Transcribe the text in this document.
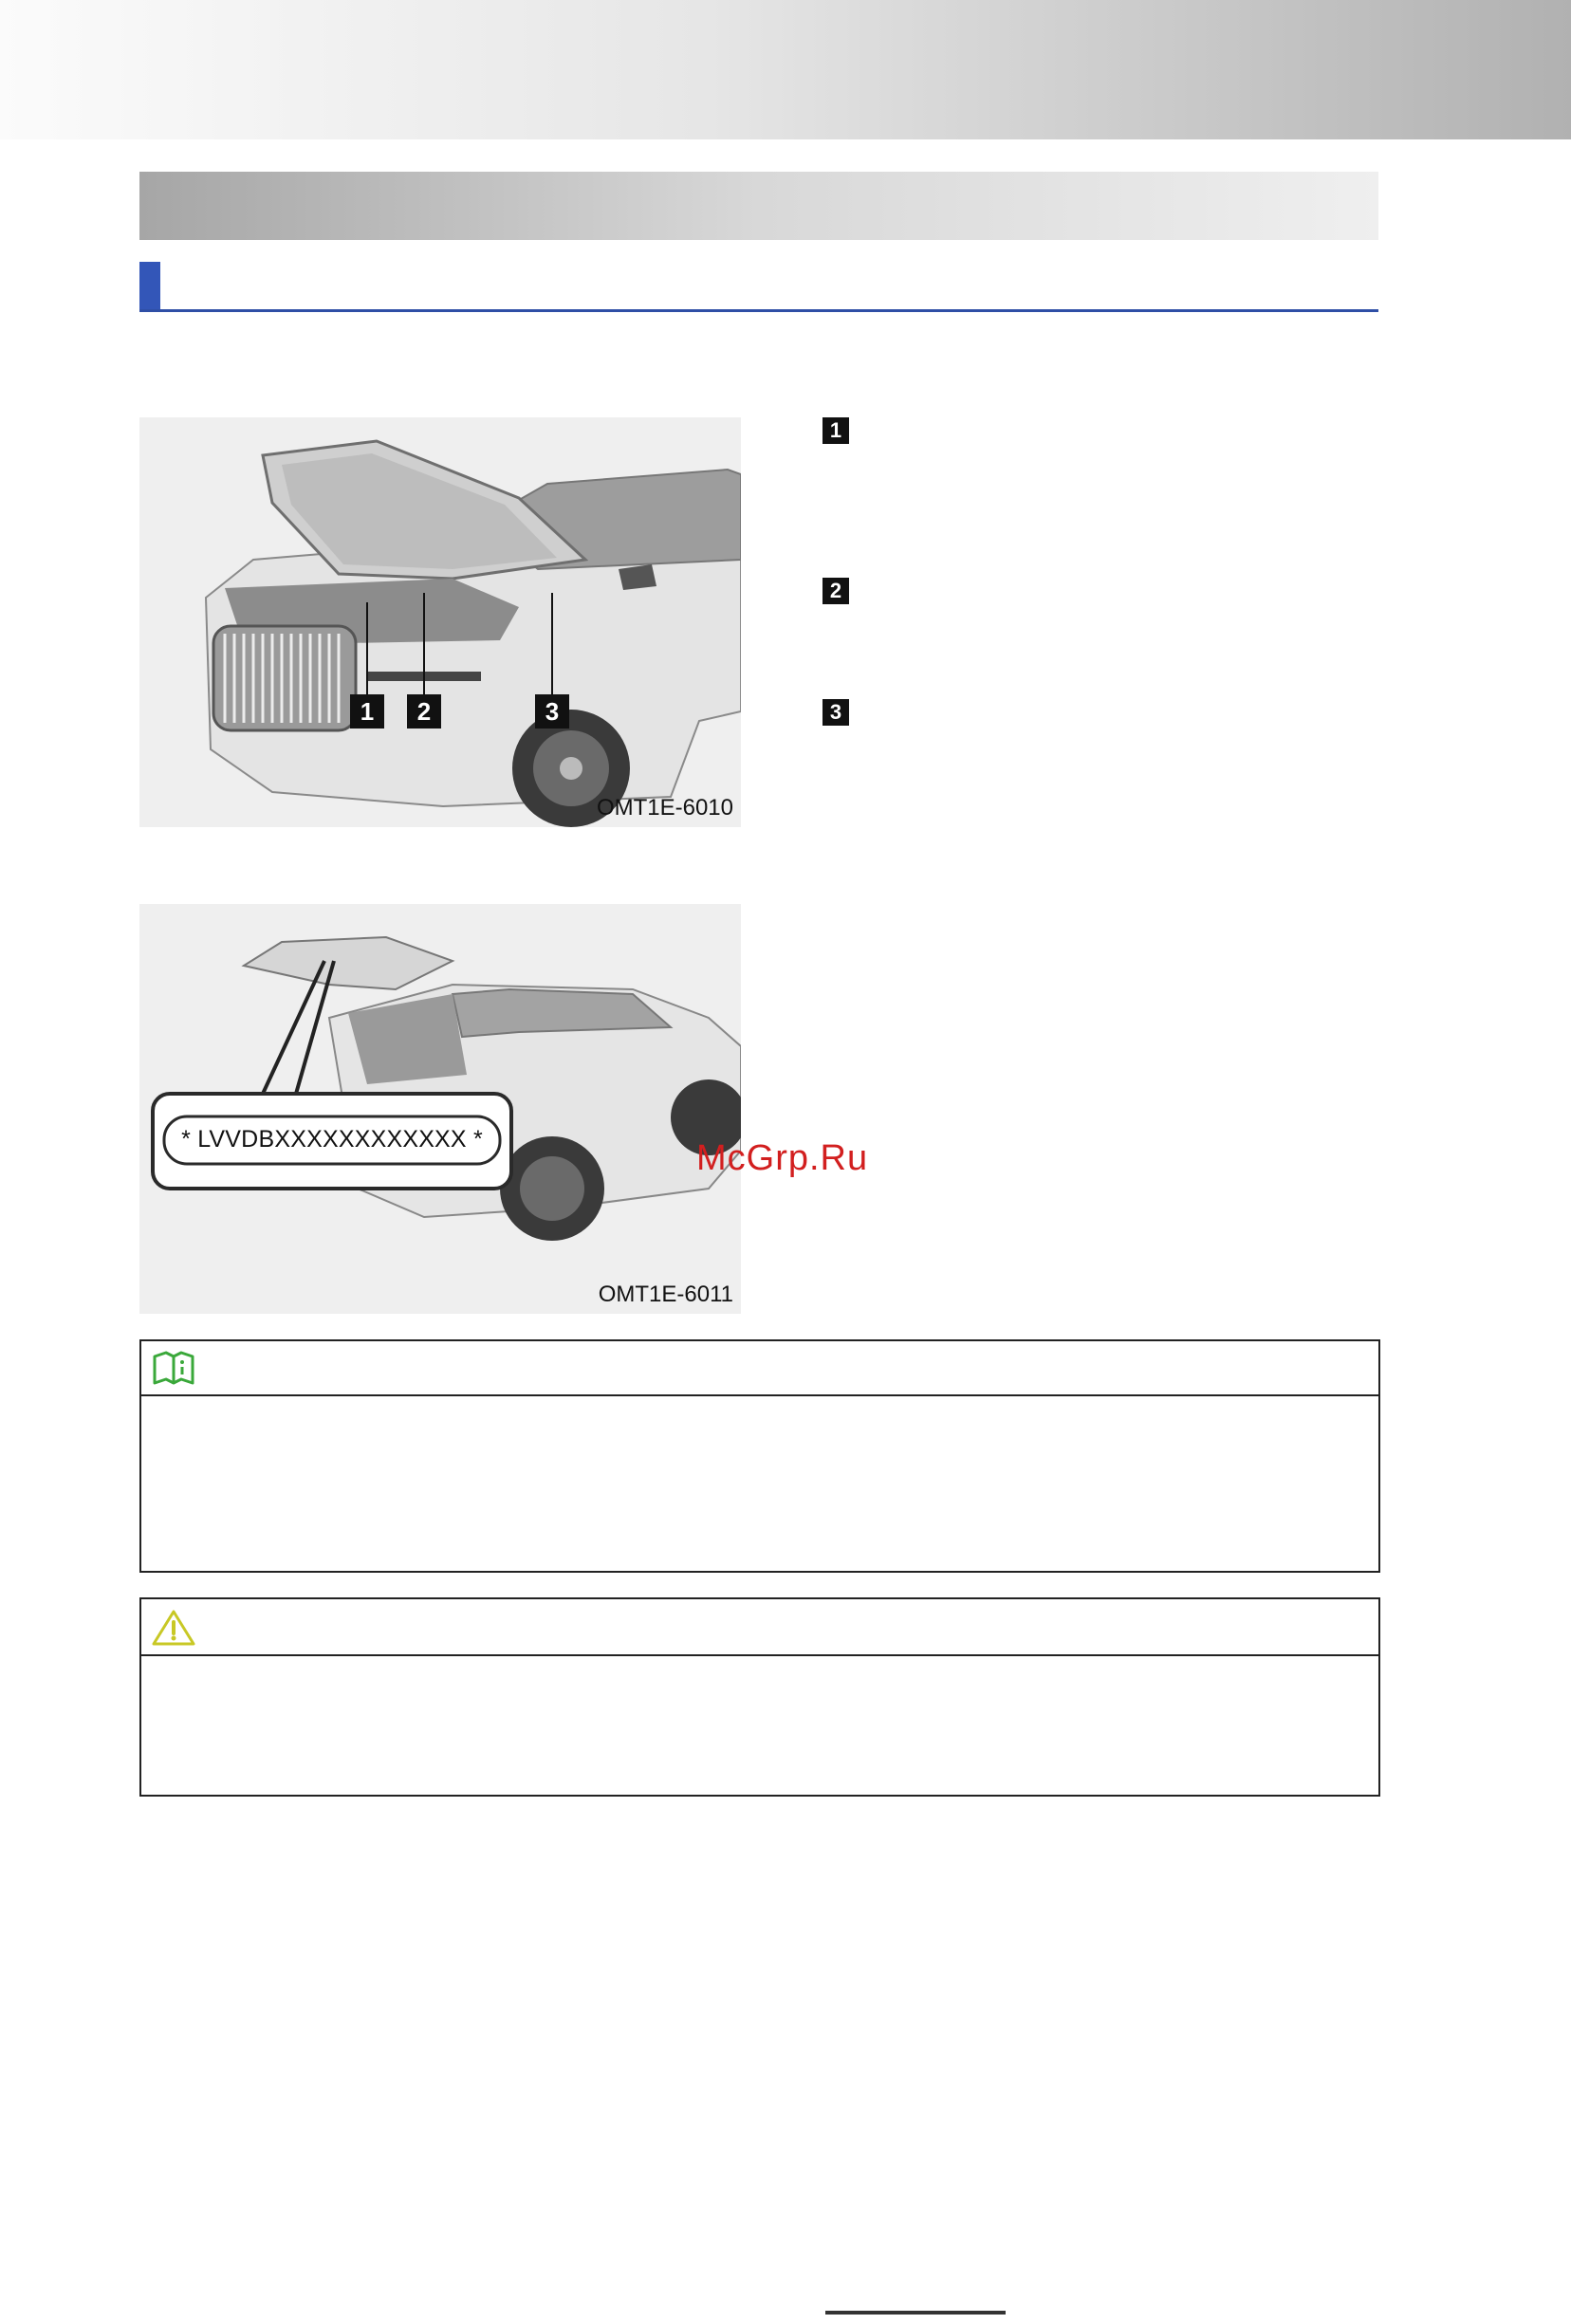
1	2	3
OMT1E-6010
1
2
3
* LVVDBXXXXXXXXXXXX *
OMT1E-6011
McGrp.Ru
